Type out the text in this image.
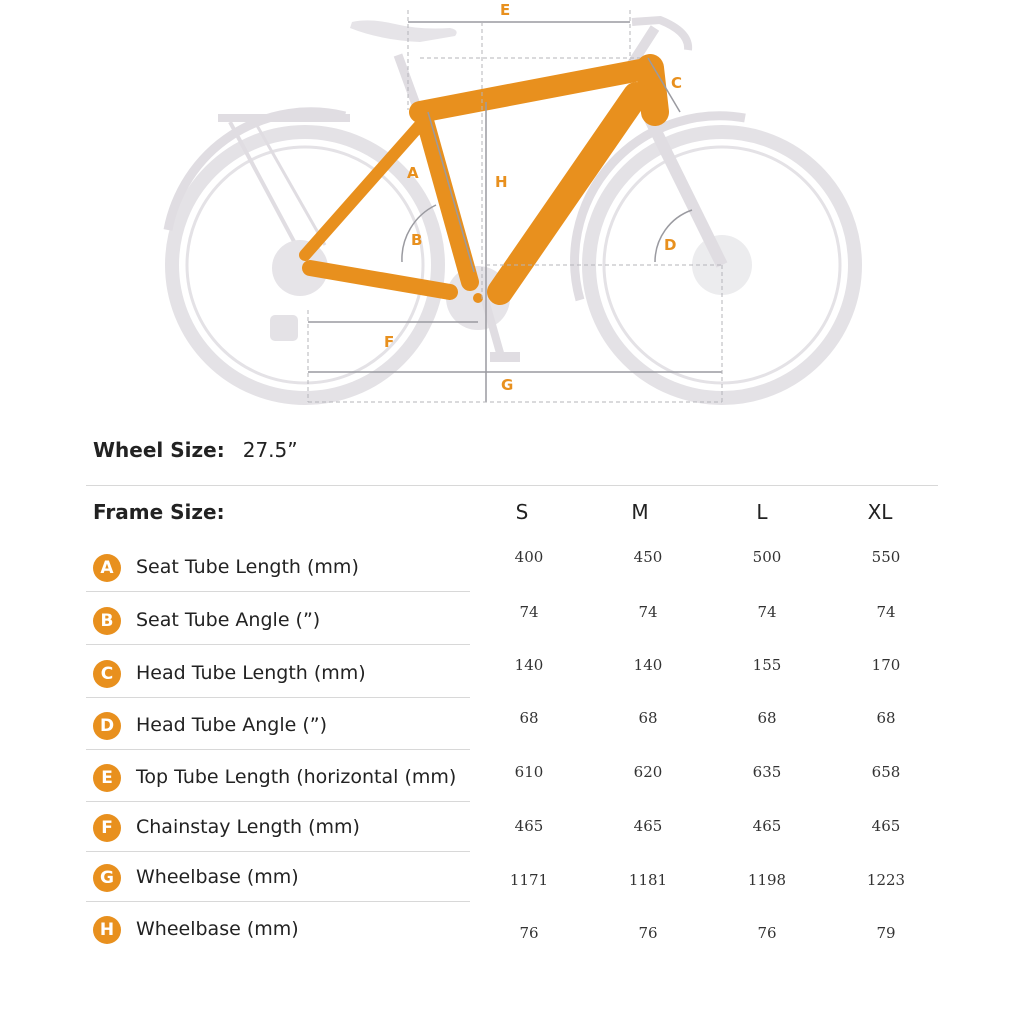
E
C
A	H
B	D
F
G
Wheel Size: 27.5”
Frame Size:	S	M	L	XL
A	Seat Tube Length (mm)	400	450	500	550
B	Seat Tube Angle (”)	74	74	74	74
C	Head Tube Length (mm)	140	140	155	170
D	Head Tube Angle (”)	68	68	68	68
E	Top Tube Length (horizontal (mm)	610	620	635	658
F	Chainstay Length (mm)	465	465	465	465
G	Wheelbase (mm)	1171	1181	1198	1223
H	Wheelbase (mm)	76	76	76	79
